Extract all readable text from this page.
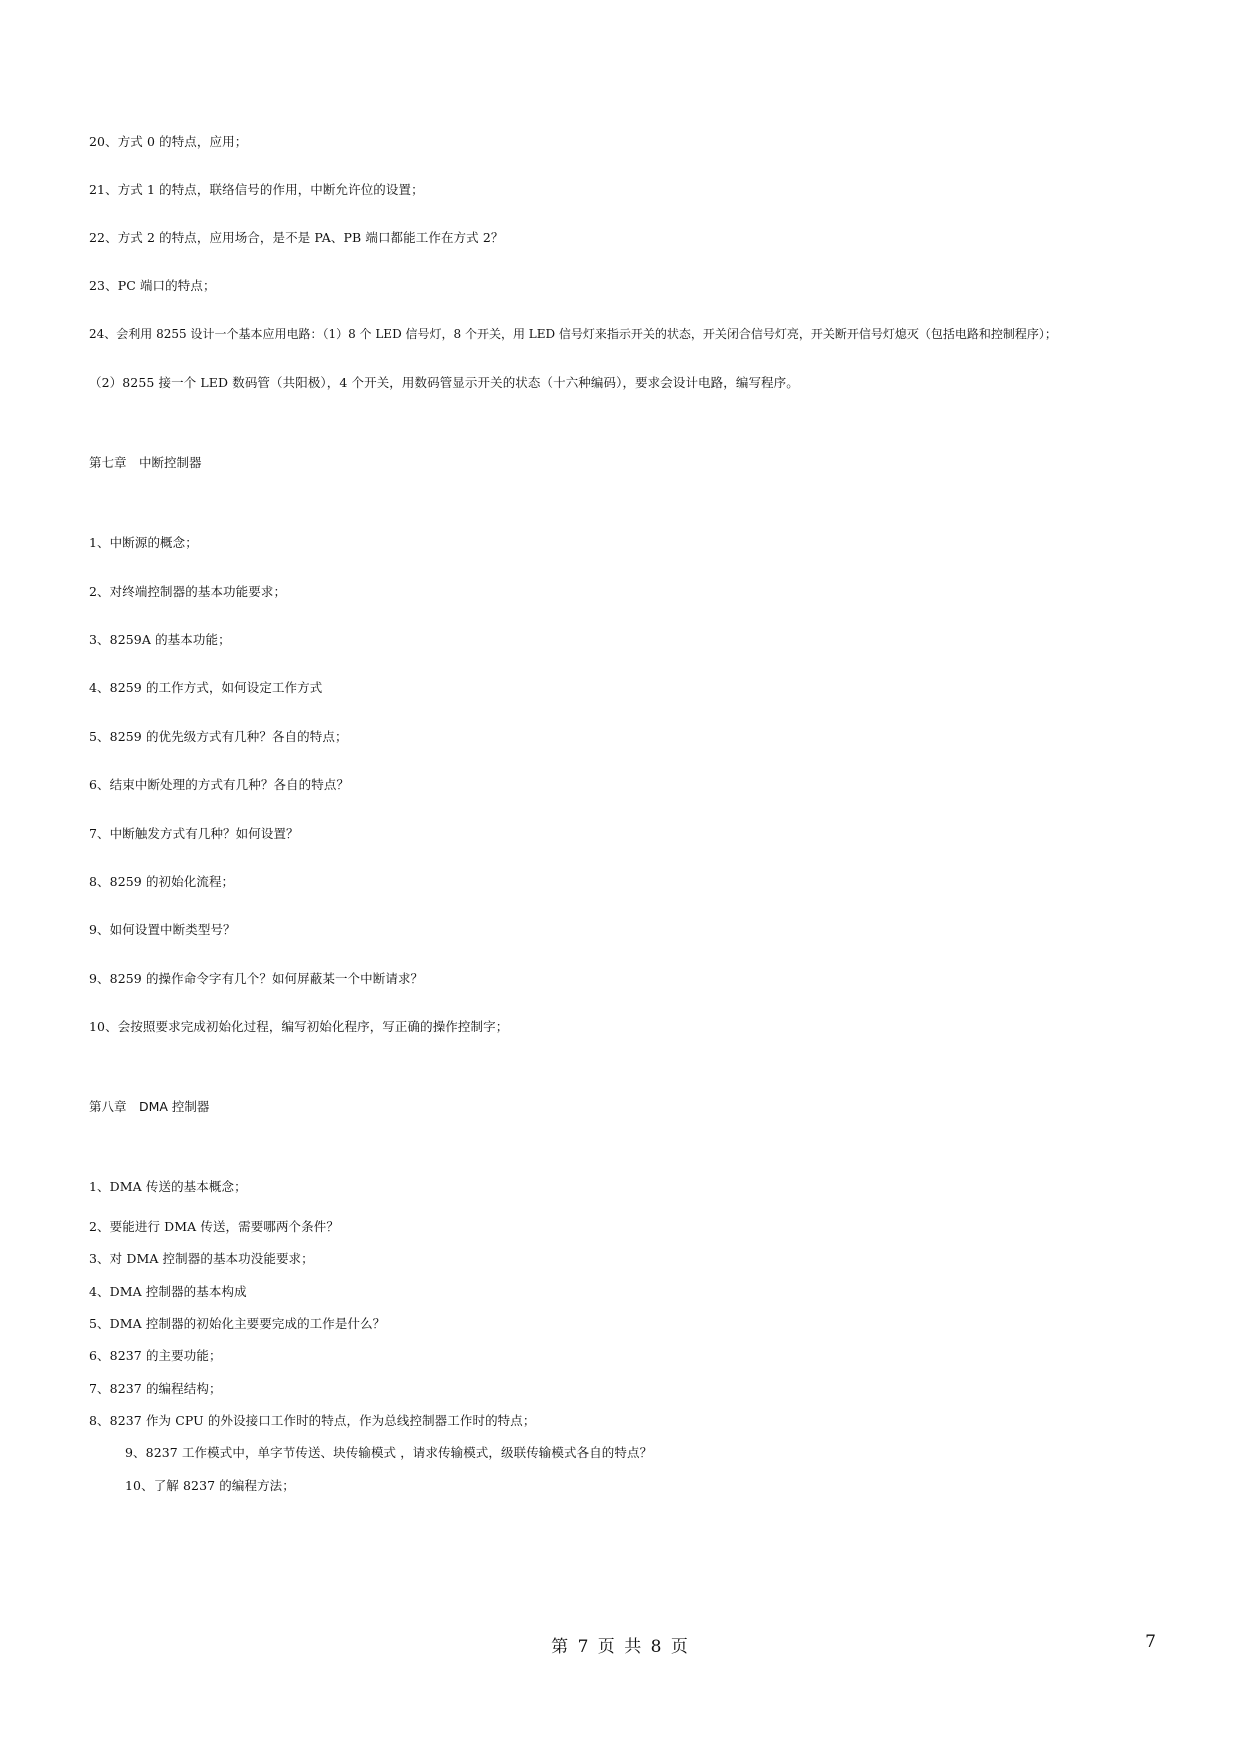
20、方式 0 的特点，应用；
21、方式 1 的特点，联络信号的作用，中断允许位的设置；
22、方式 2 的特点，应用场合，是不是 PA、PB 端口都能工作在方式 2？
23、PC 端口的特点；
24、会利用 8255 设计一个基本应用电路：（1）8 个 LED 信号灯，8 个开关，用 LED 信号灯来指示开关的状态，开关闭合信号灯亮，开关断开信号灯熄灭（包括电路和控制程序）；
（2）8255 接一个 LED 数码管（共阳极），4 个开关，用数码管显示开关的状态（十六种编码），要求会设计电路，编写程序。
第七章　中断控制器
1、中断源的概念；
2、对终端控制器的基本功能要求；
3、8259A 的基本功能；
4、8259 的工作方式，如何设定工作方式
5、8259 的优先级方式有几种？各自的特点；
6、结束中断处理的方式有几种？各自的特点？
7、中断触发方式有几种？如何设置？
8、8259 的初始化流程；
9、如何设置中断类型号？
9、8259 的操作命令字有几个？如何屏蔽某一个中断请求？
10、会按照要求完成初始化过程，编写初始化程序，写正确的操作控制字；
第八章　DMA 控制器
1、DMA 传送的基本概念；
2、要能进行 DMA 传送，需要哪两个条件？
3、对 DMA 控制器的基本功没能要求；
4、DMA 控制器的基本构成
5、DMA 控制器的初始化主要要完成的工作是什么？
6、8237 的主要功能；
7、8237 的编程结构；
8、8237 作为 CPU 的外设接口工作时的特点，作为总线控制器工作时的特点；
9、8237 工作模式中，单字节传送、块传输模式 ，请求传输模式，级联传输模式各自的特点？
10、了解 8237 的编程方法；
第 7 页 共 8 页	7
